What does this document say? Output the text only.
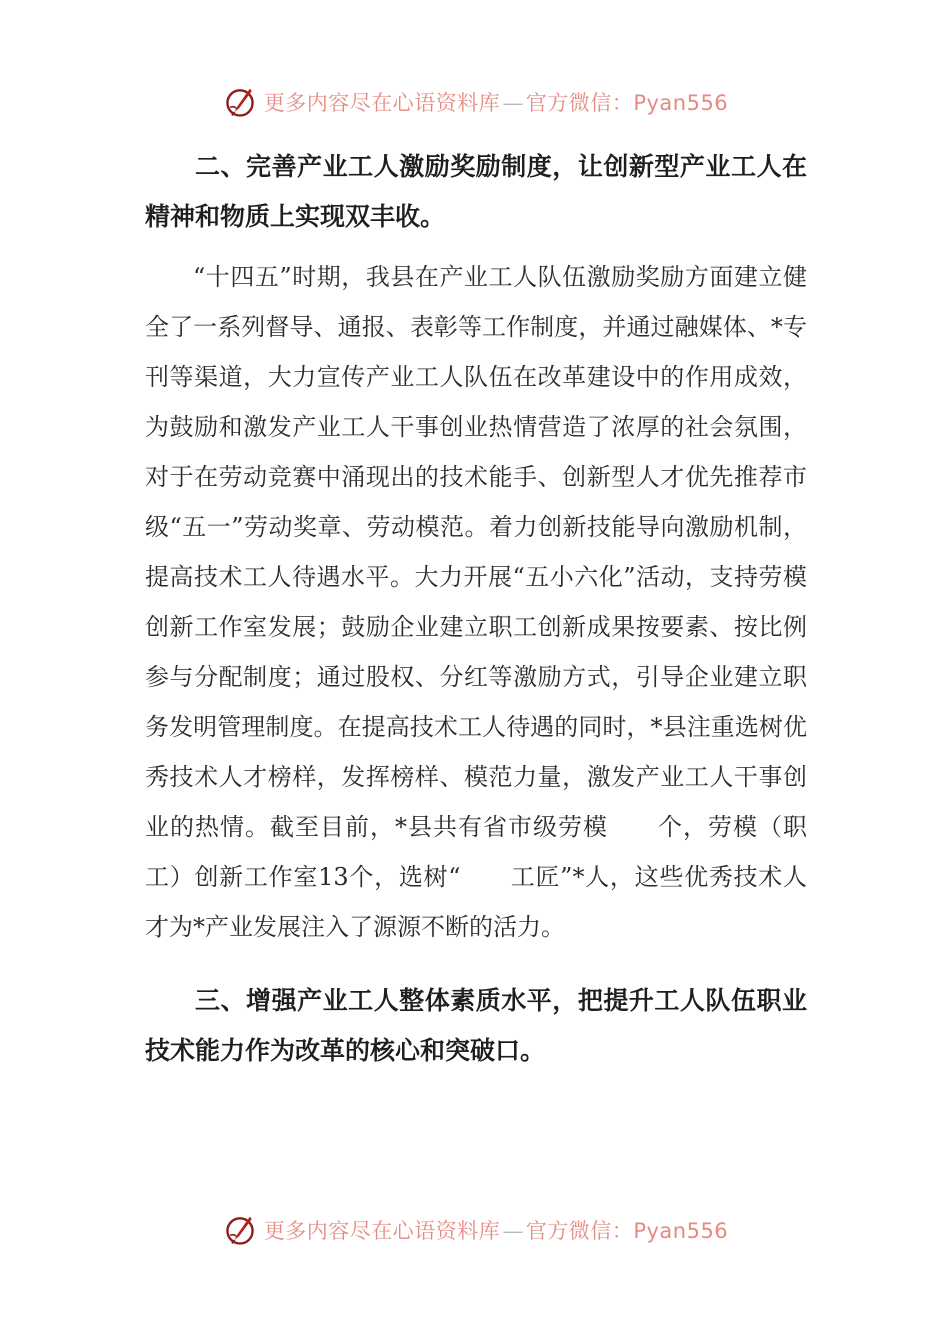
更多内容尽在心语资料库—官方微信：Pyan556

二、完善产业工人激励奖励制度，让创新型产业工人在精神和物质上实现双丰收。

“十四五”时期，我县在产业工人队伍激励奖励方面建立健全了一系列督导、通报、表彰等工作制度，并通过融媒体、*专刊等渠道，大力宣传产业工人队伍在改革建设中的作用成效，为鼓励和激发产业工人干事创业热情营造了浓厚的社会氛围，对于在劳动竞赛中涌现出的技术能手、创新型人才优先推荐市级“五一”劳动奖章、劳动模范。着力创新技能导向激励机制，提高技术工人待遇水平。大力开展“五小六化”活动，支持劳模创新工作室发展；鼓励企业建立职工创新成果按要素、按比例参与分配制度；通过股权、分红等激励方式，引导企业建立职务发明管理制度。在提高技术工人待遇的同时，*县注重选树优秀技术人才榜样，发挥榜样、模范力量，激发产业工人干事创业的热情。截至目前，*县共有省市级劳模　　个，劳模（职工）创新工作室13个，选树“　　工匠”*人，这些优秀技术人才为*产业发展注入了源源不断的活力。

三、增强产业工人整体素质水平，把提升工人队伍职业技术能力作为改革的核心和突破口。

更多内容尽在心语资料库—官方微信：Pyan556
